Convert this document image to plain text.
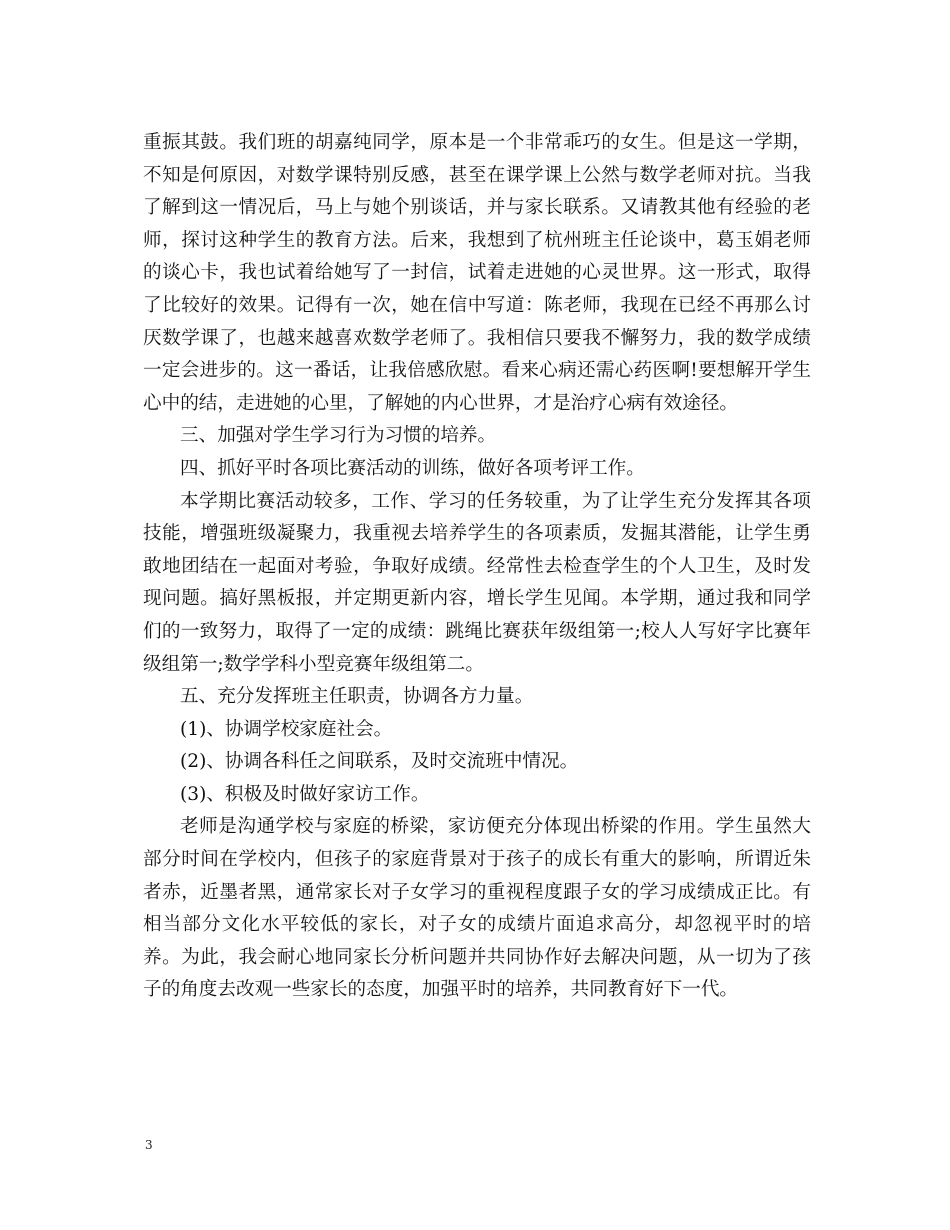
重振其鼓。我们班的胡嘉纯同学，原本是一个非常乖巧的女生。但是这一学期，不知是何原因，对数学课特别反感，甚至在课学课上公然与数学老师对抗。当我了解到这一情况后，马上与她个别谈话，并与家长联系。又请教其他有经验的老师，探讨这种学生的教育方法。后来，我想到了杭州班主任论谈中，葛玉娟老师的谈心卡，我也试着给她写了一封信，试着走进她的心灵世界。这一形式，取得了比较好的效果。记得有一次，她在信中写道：陈老师，我现在已经不再那么讨厌数学课了，也越来越喜欢数学老师了。我相信只要我不懈努力，我的数学成绩一定会进步的。这一番话，让我倍感欣慰。看来心病还需心药医啊!要想解开学生心中的结，走进她的心里，了解她的内心世界，才是治疗心病有效途径。

三、加强对学生学习行为习惯的培养。

四、抓好平时各项比赛活动的训练，做好各项考评工作。

本学期比赛活动较多，工作、学习的任务较重，为了让学生充分发挥其各项技能，增强班级凝聚力，我重视去培养学生的各项素质，发掘其潜能，让学生勇敢地团结在一起面对考验，争取好成绩。经常性去检查学生的个人卫生，及时发现问题。搞好黑板报，并定期更新内容，增长学生见闻。本学期，通过我和同学们的一致努力，取得了一定的成绩：跳绳比赛获年级组第一;校人人写好字比赛年级组第一;数学学科小型竞赛年级组第二。

五、充分发挥班主任职责，协调各方力量。

(1)、协调学校家庭社会。

(2)、协调各科任之间联系，及时交流班中情况。

(3)、积极及时做好家访工作。

老师是沟通学校与家庭的桥梁，家访便充分体现出桥梁的作用。学生虽然大部分时间在学校内，但孩子的家庭背景对于孩子的成长有重大的影响，所谓近朱者赤，近墨者黑，通常家长对子女学习的重视程度跟子女的学习成绩成正比。有相当部分文化水平较低的家长，对子女的成绩片面追求高分，却忽视平时的培养。为此，我会耐心地同家长分析问题并共同协作好去解决问题，从一切为了孩子的角度去改观一些家长的态度，加强平时的培养，共同教育好下一代。

3
